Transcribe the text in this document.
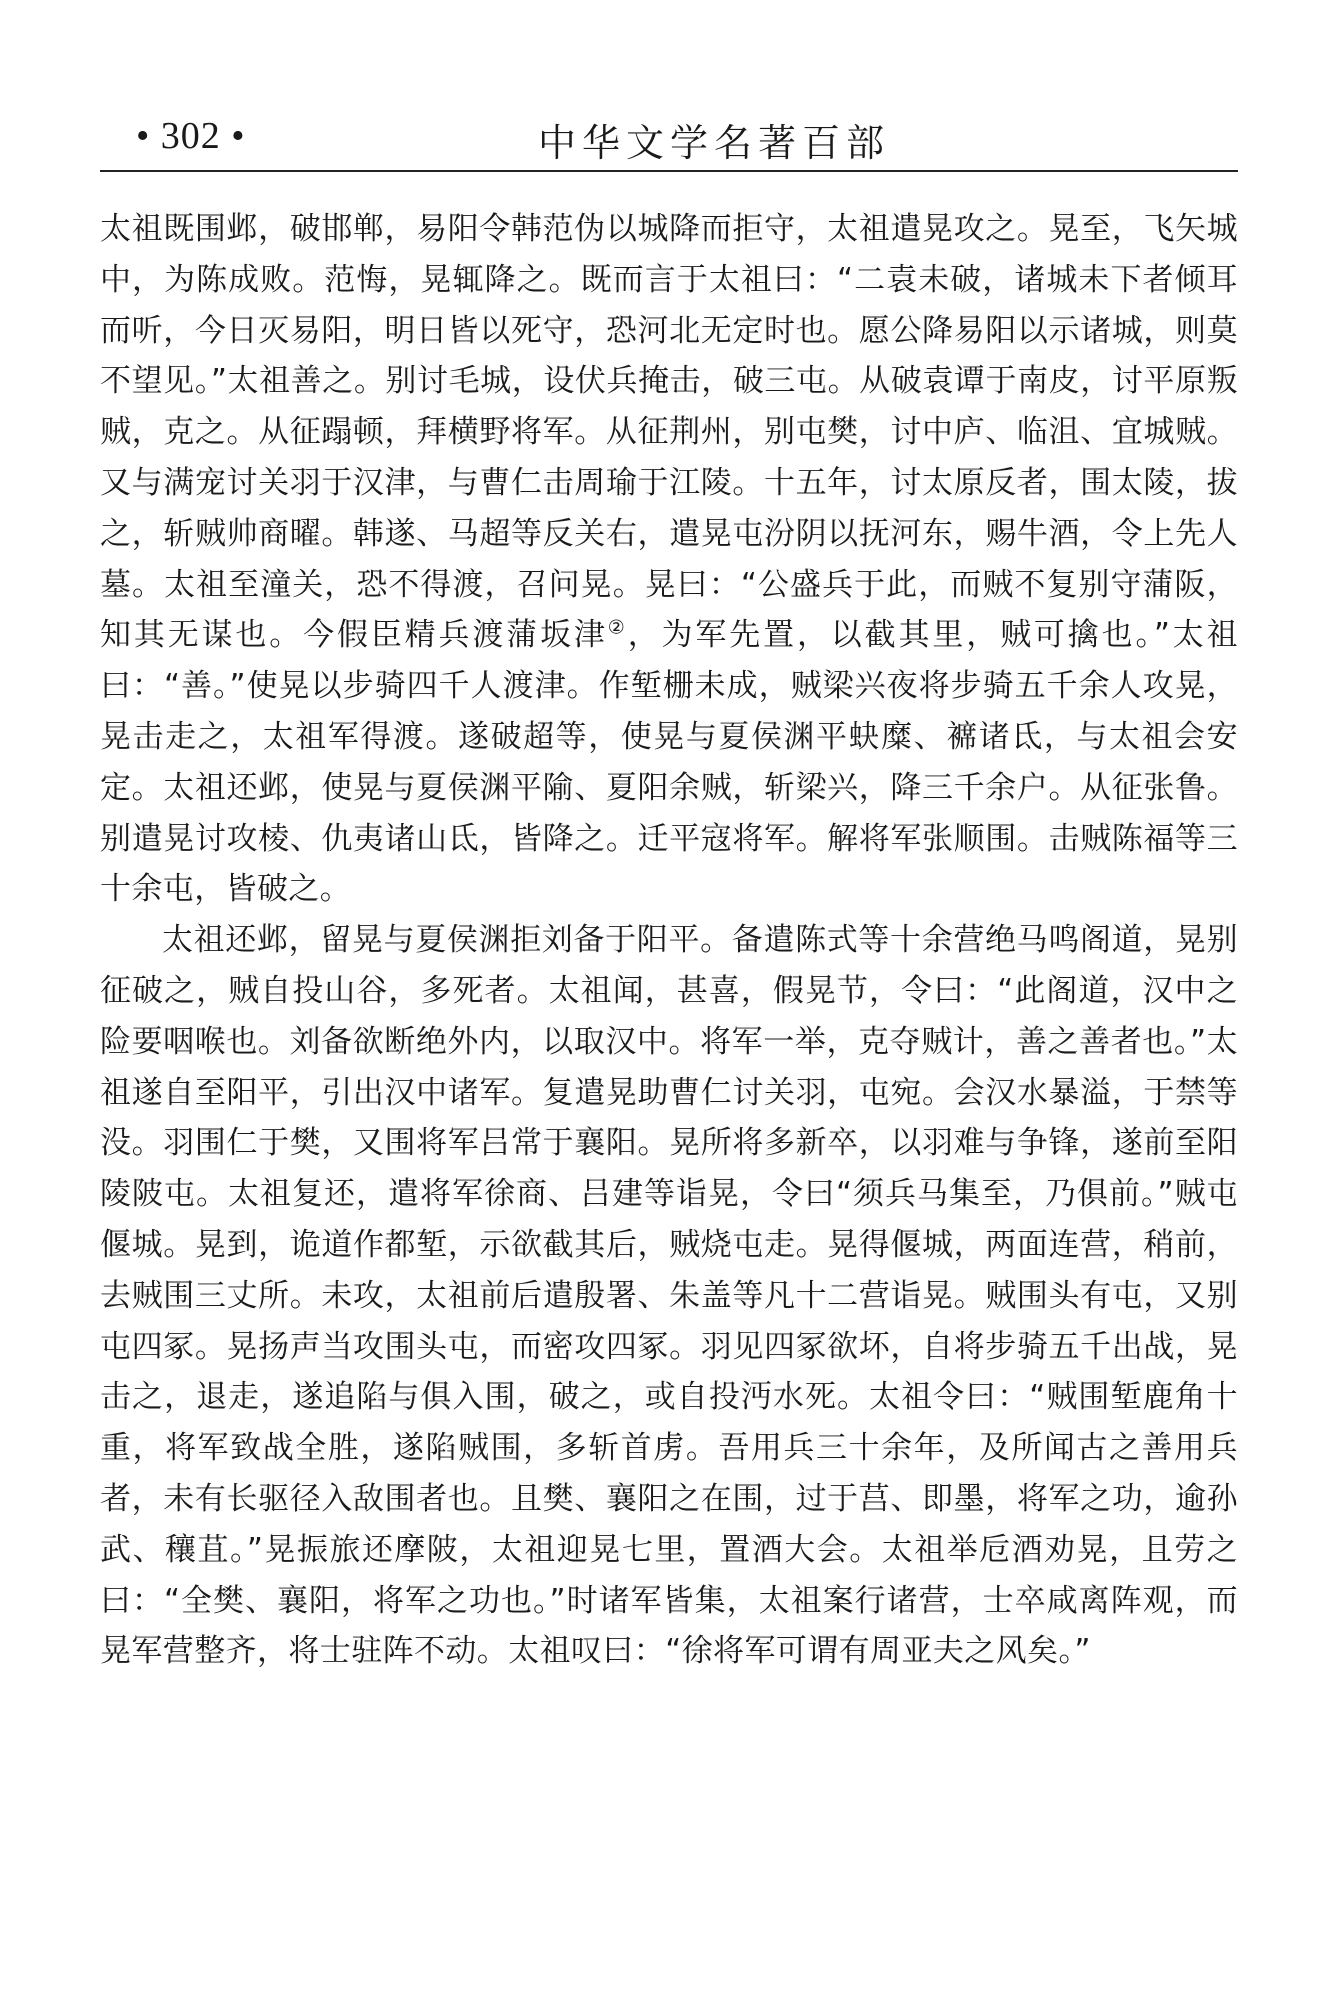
• 302 •	中华文学名著百部

太祖既围邺，破邯郸，易阳令韩范伪以城降而拒守，太祖遣晃攻之。晃至，飞矢城中，为陈成败。范悔，晃辄降之。既而言于太祖曰：“二袁未破，诸城未下者倾耳而听，今日灭易阳，明日皆以死守，恐河北无定时也。愿公降易阳以示诸城，则莫不望见。”太祖善之。别讨毛城，设伏兵掩击，破三屯。从破袁谭于南皮，讨平原叛贼，克之。从征蹋顿，拜横野将军。从征荆州，别屯樊，讨中庐、临沮、宜城贼。又与满宠讨关羽于汉津，与曹仁击周瑜于江陵。十五年，讨太原反者，围太陵，拔之，斩贼帅商曜。韩遂、马超等反关右，遣晃屯汾阴以抚河东，赐牛酒，令上先人墓。太祖至潼关，恐不得渡，召问晃。晃曰：“公盛兵于此，而贼不复别守蒲阪，知其无谋也。今假臣精兵渡蒲坂津②，为军先置，以截其里，贼可擒也。”太祖曰：“善。”使晃以步骑四千人渡津。作堑栅未成，贼梁兴夜将步骑五千余人攻晃，晃击走之，太祖军得渡。遂破超等，使晃与夏侯渊平蚗糜、褯诸氐，与太祖会安定。太祖还邺，使晃与夏侯渊平隃、夏阳余贼，斩梁兴，降三千余户。从征张鲁。别遣晃讨攻棱、仇夷诸山氐，皆降之。迁平寇将军。解将军张顺围。击贼陈福等三十余屯，皆破之。

太祖还邺，留晃与夏侯渊拒刘备于阳平。备遣陈式等十余营绝马鸣阁道，晃别征破之，贼自投山谷，多死者。太祖闻，甚喜，假晃节，令曰：“此阁道，汉中之险要咽喉也。刘备欲断绝外内，以取汉中。将军一举，克夺贼计，善之善者也。”太祖遂自至阳平，引出汉中诸军。复遣晃助曹仁讨关羽，屯宛。会汉水暴溢，于禁等没。羽围仁于樊，又围将军吕常于襄阳。晃所将多新卒，以羽难与争锋，遂前至阳陵陂屯。太祖复还，遣将军徐商、吕建等诣晃，令曰“须兵马集至，乃俱前。”贼屯偃城。晃到，诡道作都堑，示欲截其后，贼烧屯走。晃得偃城，两面连营，稍前，去贼围三丈所。未攻，太祖前后遣殷署、朱盖等凡十二营诣晃。贼围头有屯，又别屯四冢。晃扬声当攻围头屯，而密攻四冢。羽见四冢欲坏，自将步骑五千出战，晃击之，退走，遂追陷与俱入围，破之，或自投沔水死。太祖令曰：“贼围堑鹿角十重，将军致战全胜，遂陷贼围，多斩首虏。吾用兵三十余年，及所闻古之善用兵者，未有长驱径入敌围者也。且樊、襄阳之在围，过于莒、即墨，将军之功，逾孙武、穰苴。”晃振旅还摩陂，太祖迎晃七里，置酒大会。太祖举卮酒劝晃，且劳之曰：“全樊、襄阳，将军之功也。”时诸军皆集，太祖案行诸营，士卒咸离阵观，而晃军营整齐，将士驻阵不动。太祖叹曰：“徐将军可谓有周亚夫之风矣。”
